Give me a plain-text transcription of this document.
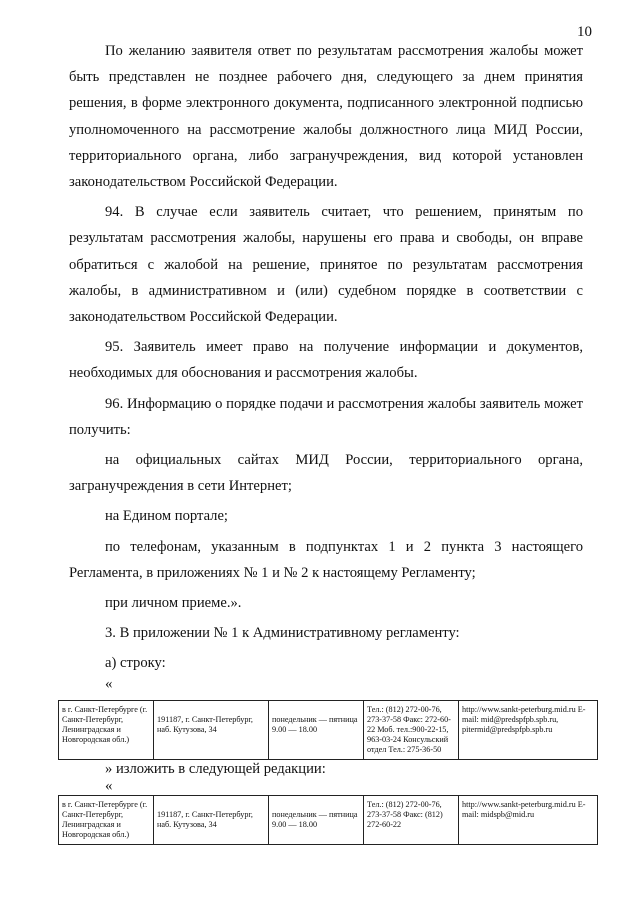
10

По желанию заявителя ответ по результатам рассмотрения жалобы может быть представлен не позднее рабочего дня, следующего за днем принятия решения, в форме электронного документа, подписанного электронной подписью уполномоченного на рассмотрение жалобы должностного лица МИД России, территориального органа, либо загранучреждения, вид которой установлен законодательством Российской Федерации.

94. В случае если заявитель считает, что решением, принятым по результатам рассмотрения жалобы, нарушены его права и свободы, он вправе обратиться с жалобой на решение, принятое по результатам рассмотрения жалобы, в административном и (или) судебном порядке в соответствии с законодательством Российской Федерации.

95. Заявитель имеет право на получение информации и документов, необходимых для обоснования и рассмотрения жалобы.

96. Информацию о порядке подачи и рассмотрения жалобы заявитель может получить:

на официальных сайтах МИД России, территориального органа, загранучреждения в сети Интернет;

на Едином портале;

по телефонам, указанным в подпунктах 1 и 2 пункта 3 настоящего Регламента, в приложениях № 1 и № 2 к настоящему Регламенту;

при личном приеме.».

3. В приложении № 1 к Административному регламенту:

а) строку:

«
в г. Санкт-Петербурге (г. Санкт-Петербург, Ленинградская и Новгородская обл.)	191187, г. Санкт-Петербург, наб. Кутузова, 34	понедельник — пятница 9.00 — 18.00	Тел.: (812) 272-00-76, 273-37-58 Факс: 272-60-22 Моб. тел.:900-22-15, 963-03-24 Консульский отдел Тел.: 275-36-50	http://www.sankt-peterburg.mid.ru E-mail: mid@predspfpb.spb.ru, pitermid@predspfpb.spb.ru
» изложить в следующей редакции:
«
в г. Санкт-Петербурге (г. Санкт-Петербург, Ленинградская и Новгородская обл.)	191187, г. Санкт-Петербург, наб. Кутузова, 34	понедельник — пятница 9.00 — 18.00	Тел.: (812) 272-00-76, 273-37-58 Факс: (812) 272-60-22	http://www.sankt-peterburg.mid.ru E-mail: midspb@mid.ru
